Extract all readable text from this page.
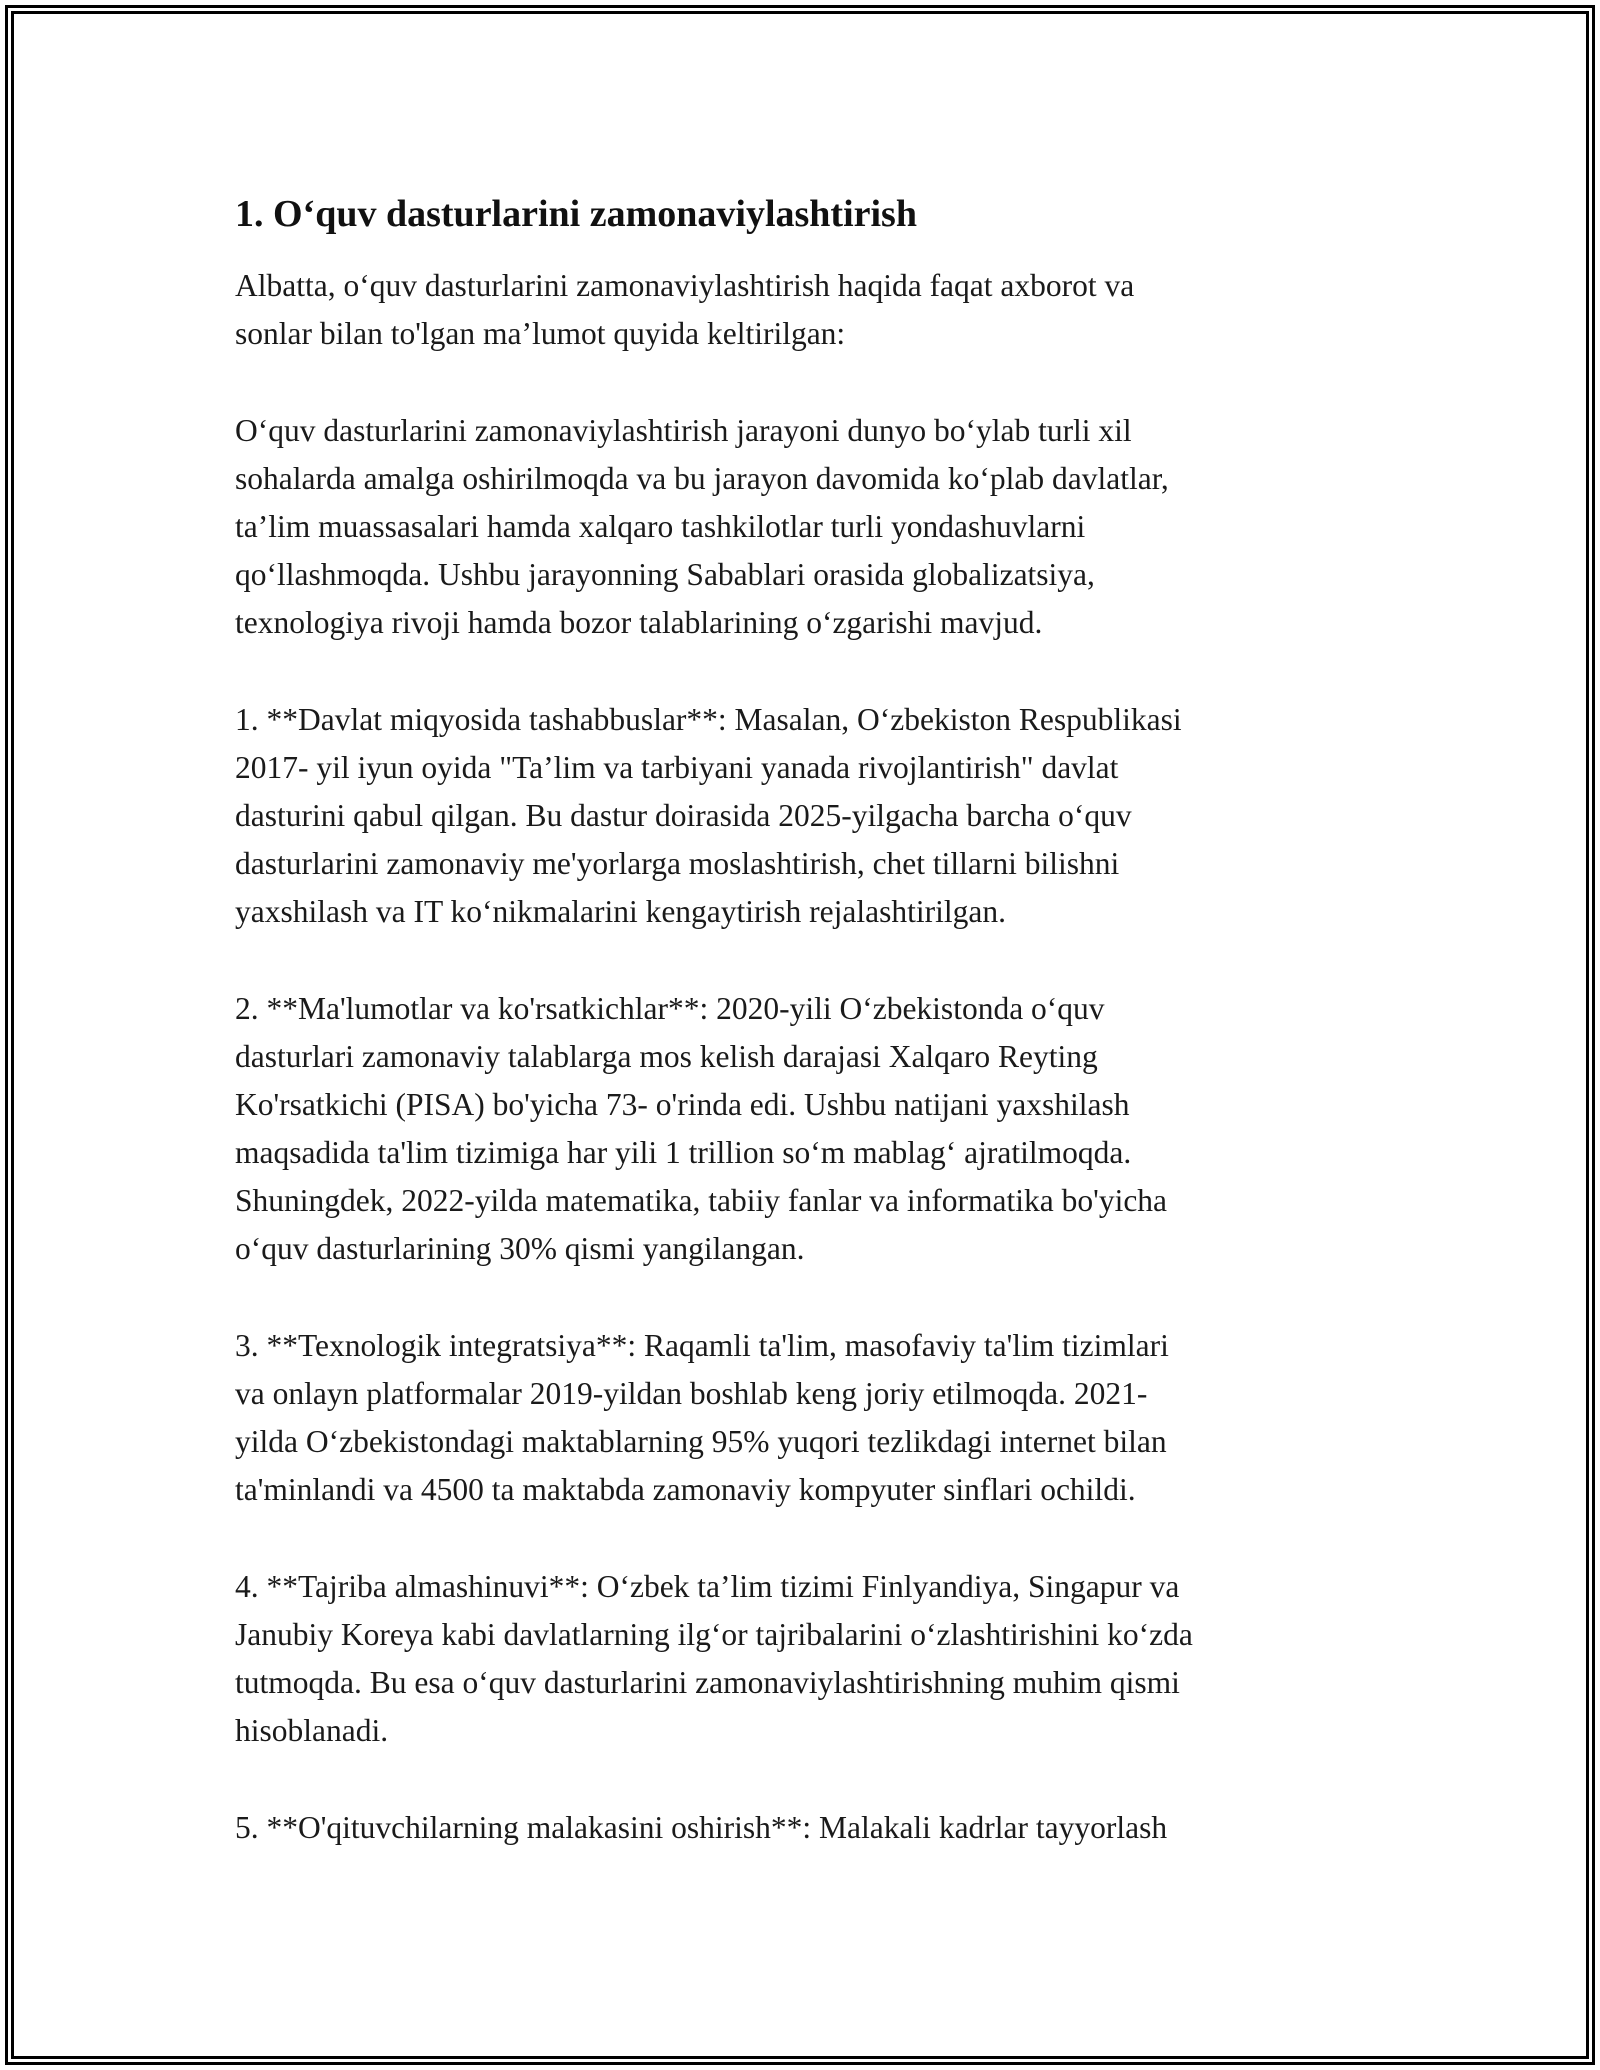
1. O‘quv dasturlarini zamonaviylashtirish

Albatta, o‘quv dasturlarini zamonaviylashtirish haqida faqat axborot va
sonlar bilan to'lgan ma’lumot quyida keltirilgan:

O‘quv dasturlarini zamonaviylashtirish jarayoni dunyo bo‘ylab turli xil
sohalarda amalga oshirilmoqda va bu jarayon davomida ko‘plab davlatlar,
ta’lim muassasalari hamda xalqaro tashkilotlar turli yondashuvlarni
qo‘llashmoqda. Ushbu jarayonning Sabablari orasida globalizatsiya,
texnologiya rivoji hamda bozor talablarining o‘zgarishi mavjud.

1. **Davlat miqyosida tashabbuslar**: Masalan, O‘zbekiston Respublikasi
2017- yil iyun oyida "Ta’lim va tarbiyani yanada rivojlantirish" davlat
dasturini qabul qilgan. Bu dastur doirasida 2025-yilgacha barcha o‘quv
dasturlarini zamonaviy me'yorlarga moslashtirish, chet tillarni bilishni
yaxshilash va IT ko‘nikmalarini kengaytirish rejalashtirilgan.

2. **Ma'lumotlar va ko'rsatkichlar**: 2020-yili O‘zbekistonda o‘quv
dasturlari zamonaviy talablarga mos kelish darajasi Xalqaro Reyting
Ko'rsatkichi (PISA) bo'yicha 73- o'rinda edi. Ushbu natijani yaxshilash
maqsadida ta'lim tizimiga har yili 1 trillion so‘m mablag‘ ajratilmoqda.
Shuningdek, 2022-yilda matematika, tabiiy fanlar va informatika bo'yicha
o‘quv dasturlarining 30% qismi yangilangan.

3. **Texnologik integratsiya**: Raqamli ta'lim, masofaviy ta'lim tizimlari
va onlayn platformalar 2019-yildan boshlab keng joriy etilmoqda. 2021-
yilda O‘zbekistondagi maktablarning 95% yuqori tezlikdagi internet bilan
ta'minlandi va 4500 ta maktabda zamonaviy kompyuter sinflari ochildi.

4. **Tajriba almashinuvi**: O‘zbek ta’lim tizimi Finlyandiya, Singapur va
Janubiy Koreya kabi davlatlarning ilg‘or tajribalarini o‘zlashtirishini ko‘zda
tutmoqda. Bu esa o‘quv dasturlarini zamonaviylashtirishning muhim qismi
hisoblanadi.

5. **O'qituvchilarning malakasini oshirish**: Malakali kadrlar tayyorlash
